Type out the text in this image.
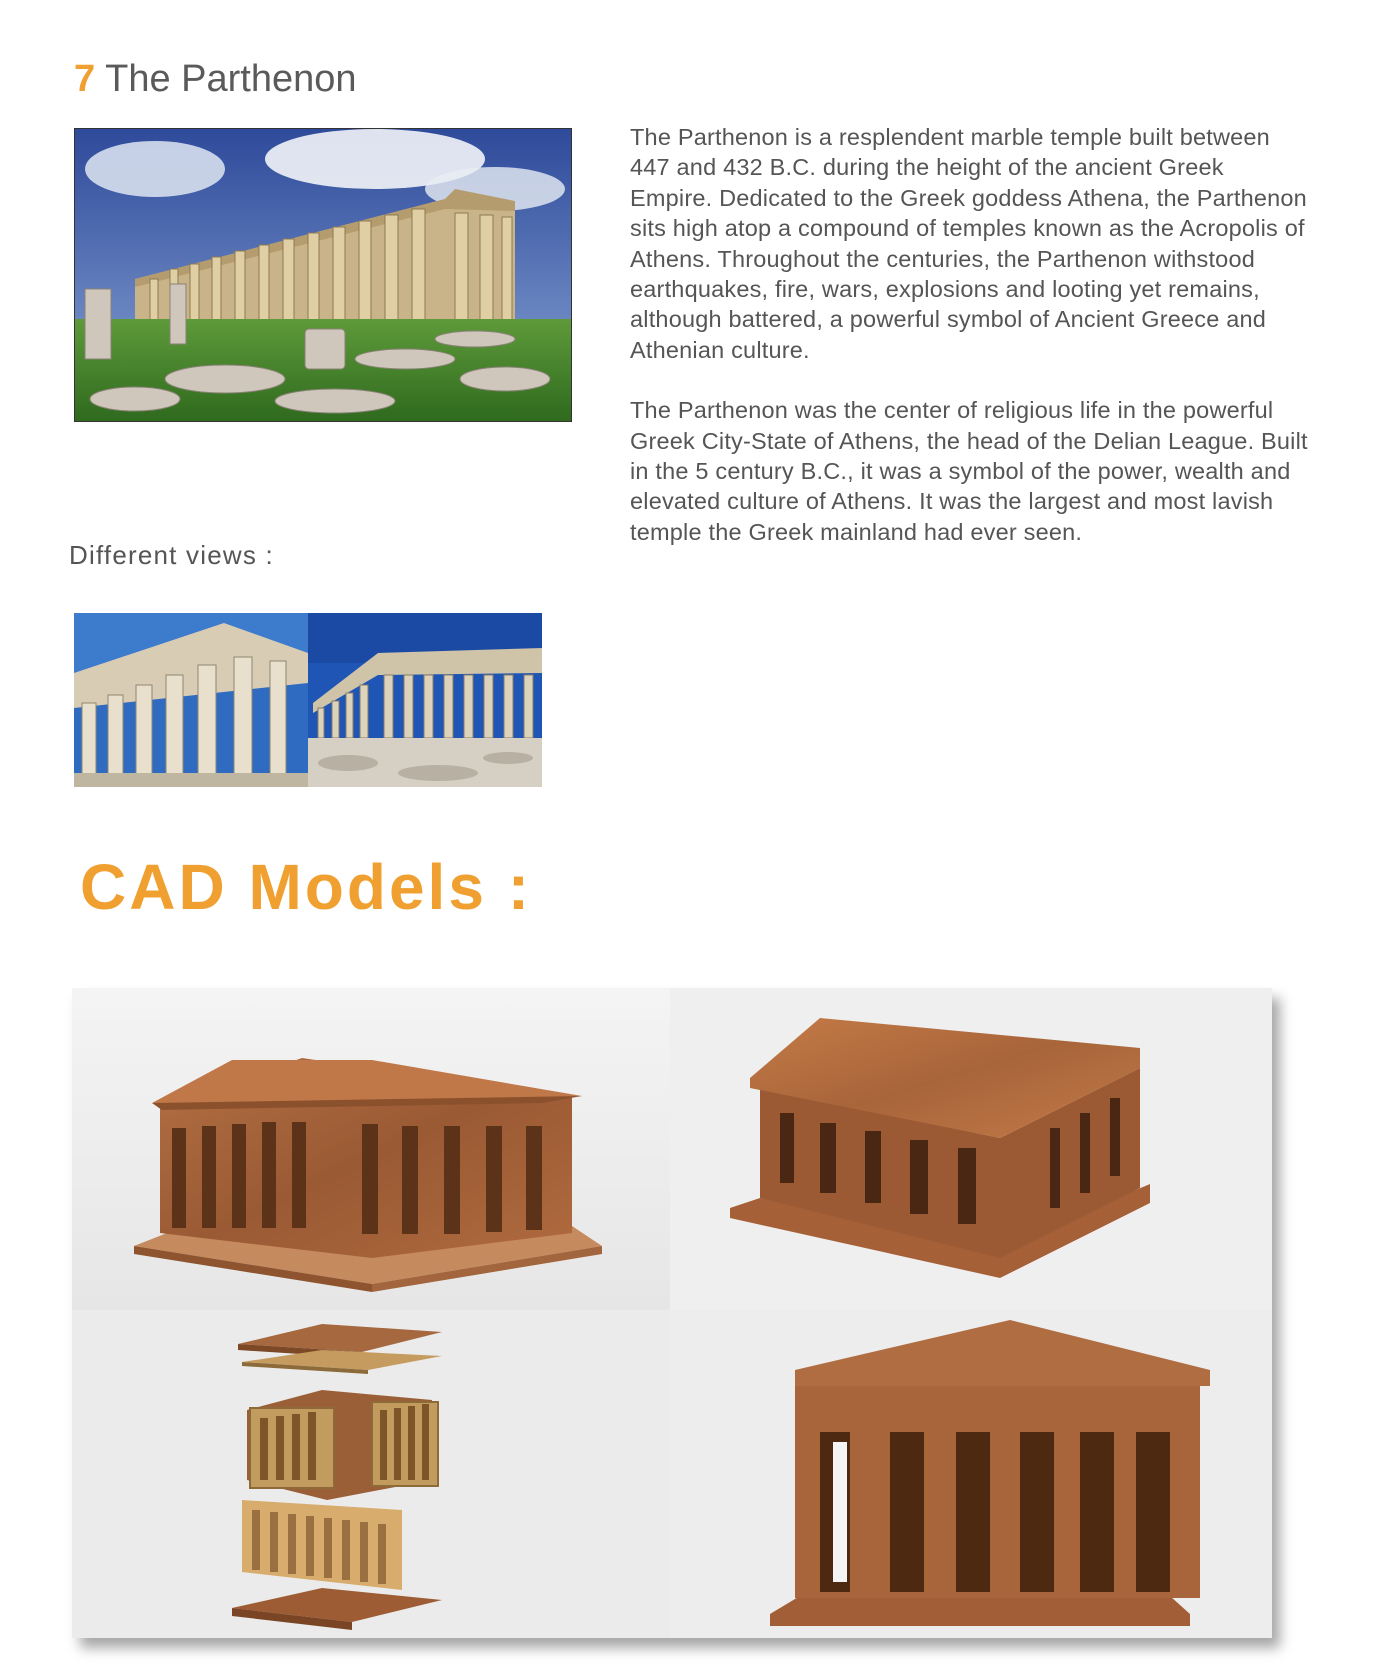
7 The Parthenon

The Parthenon is a resplendent marble temple built between 447 and 432 B.C. during the height of the ancient Greek Empire. Dedicated to the Greek goddess Athena, the Parthenon sits high atop a compound of temples known as the Acropolis of Athens. Throughout the centuries, the Parthenon withstood earthquakes, fire, wars, explosions and looting yet remains, although battered, a powerful symbol of Ancient Greece and Athenian culture.

The Parthenon was the center of religious life in the powerful Greek City-State of Athens, the head of the Delian League. Built in the 5 century B.C., it was a symbol of the power, wealth and elevated culture of Athens. It was the largest and most lavish temple the Greek mainland had ever seen.

Different views :
CAD Models :
